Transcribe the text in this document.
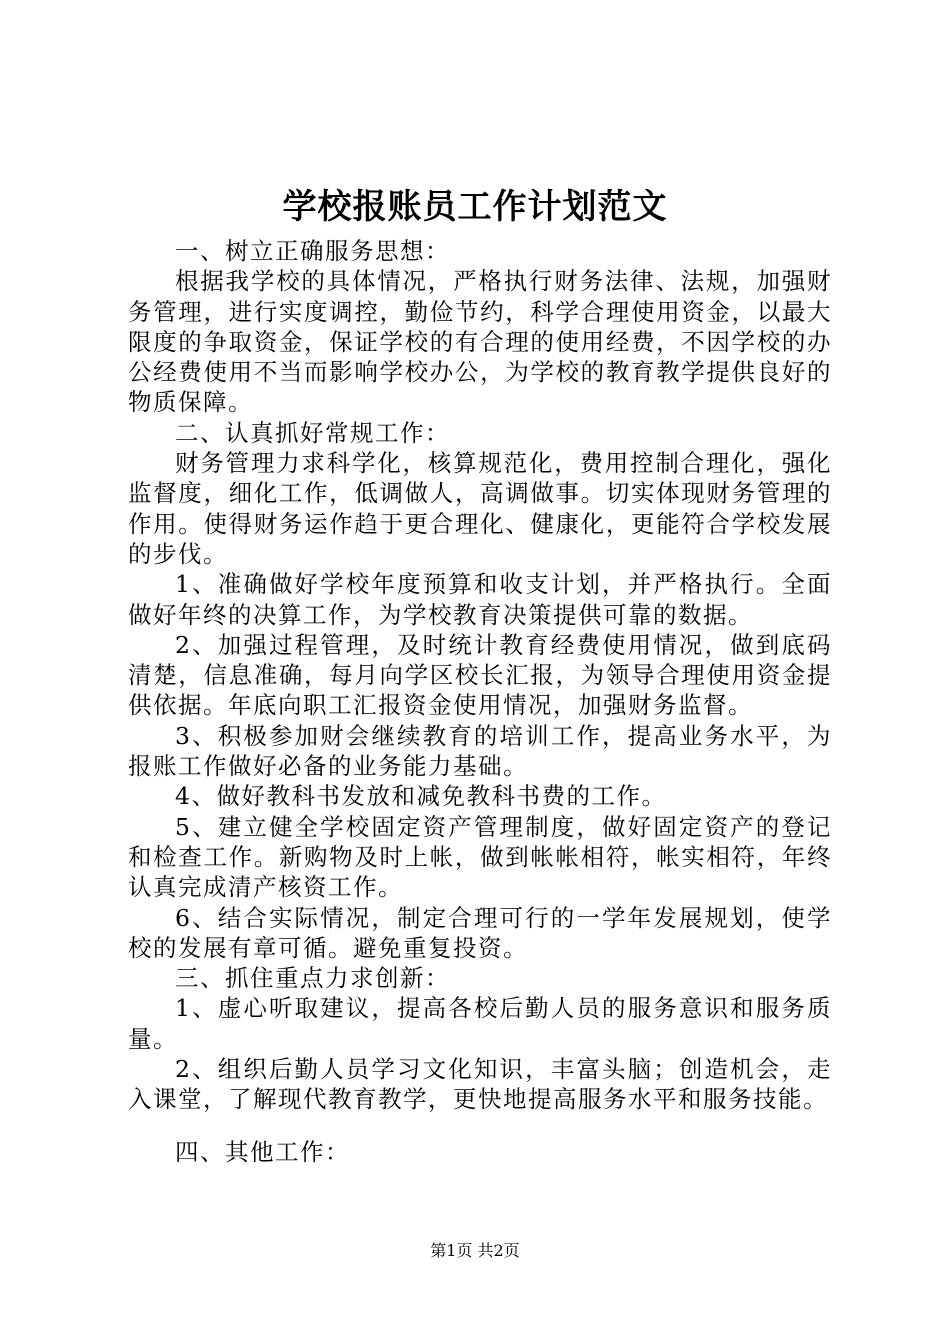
学校报账员工作计划范文

一、树立正确服务思想：

根据我学校的具体情况，严格执行财务法律、法规，加强财务管理，进行实度调控，勤俭节约，科学合理使用资金，以最大限度的争取资金，保证学校的有合理的使用经费，不因学校的办公经费使用不当而影响学校办公，为学校的教育教学提供良好的物质保障。

二、认真抓好常规工作：

财务管理力求科学化，核算规范化，费用控制合理化，强化监督度，细化工作，低调做人，高调做事。切实体现财务管理的作用。使得财务运作趋于更合理化、健康化，更能符合学校发展的步伐。

1、准确做好学校年度预算和收支计划，并严格执行。全面做好年终的决算工作，为学校教育决策提供可靠的数据。

2、加强过程管理，及时统计教育经费使用情况，做到底码清楚，信息准确，每月向学区校长汇报，为领导合理使用资金提供依据。年底向职工汇报资金使用情况，加强财务监督。

3、积极参加财会继续教育的培训工作，提高业务水平，为报账工作做好必备的业务能力基础。

4、做好教科书发放和减免教科书费的工作。

5、建立健全学校固定资产管理制度，做好固定资产的登记和检查工作。新购物及时上帐，做到帐帐相符，帐实相符，年终认真完成清产核资工作。

6、结合实际情况，制定合理可行的一学年发展规划，使学校的发展有章可循。避免重复投资。

三、抓住重点力求创新：

1、虚心听取建议，提高各校后勤人员的服务意识和服务质量。

2、组织后勤人员学习文化知识，丰富头脑；创造机会，走入课堂，了解现代教育教学，更快地提高服务水平和服务技能。

四、其他工作：

第1页 共2页
